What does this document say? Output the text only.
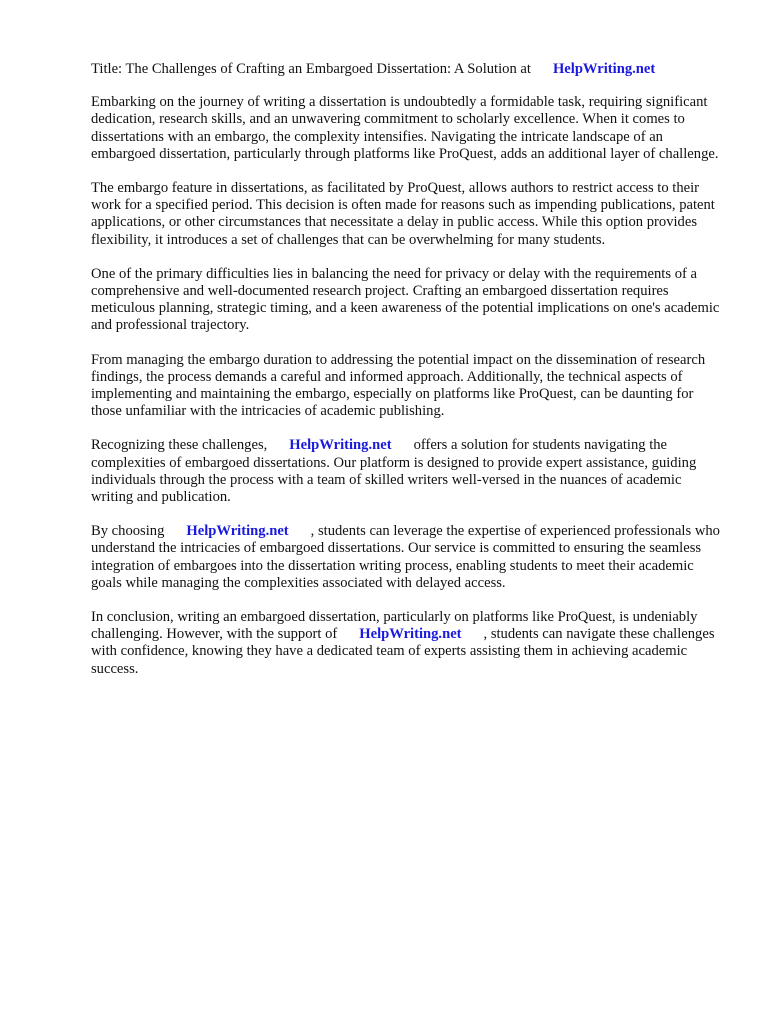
Title: The Challenges of Crafting an Embargoed Dissertation: A Solution at HelpWriting.net

Embarking on the journey of writing a dissertation is undoubtedly a formidable task, requiring significant dedication, research skills, and an unwavering commitment to scholarly excellence. When it comes to dissertations with an embargo, the complexity intensifies. Navigating the intricate landscape of an embargoed dissertation, particularly through platforms like ProQuest, adds an additional layer of challenge.

The embargo feature in dissertations, as facilitated by ProQuest, allows authors to restrict access to their work for a specified period. This decision is often made for reasons such as impending publications, patent applications, or other circumstances that necessitate a delay in public access. While this option provides flexibility, it introduces a set of challenges that can be overwhelming for many students.

One of the primary difficulties lies in balancing the need for privacy or delay with the requirements of a comprehensive and well-documented research project. Crafting an embargoed dissertation requires meticulous planning, strategic timing, and a keen awareness of the potential implications on one's academic and professional trajectory.

From managing the embargo duration to addressing the potential impact on the dissemination of research findings, the process demands a careful and informed approach. Additionally, the technical aspects of implementing and maintaining the embargo, especially on platforms like ProQuest, can be daunting for those unfamiliar with the intricacies of academic publishing.

Recognizing these challenges, HelpWriting.net offers a solution for students navigating the complexities of embargoed dissertations. Our platform is designed to provide expert assistance, guiding individuals through the process with a team of skilled writers well-versed in the nuances of academic writing and publication.

By choosing HelpWriting.net , students can leverage the expertise of experienced professionals who understand the intricacies of embargoed dissertations. Our service is committed to ensuring the seamless integration of embargoes into the dissertation writing process, enabling students to meet their academic goals while managing the complexities associated with delayed access.

In conclusion, writing an embargoed dissertation, particularly on platforms like ProQuest, is undeniably challenging. However, with the support of HelpWriting.net , students can navigate these challenges with confidence, knowing they have a dedicated team of experts assisting them in achieving academic success.
